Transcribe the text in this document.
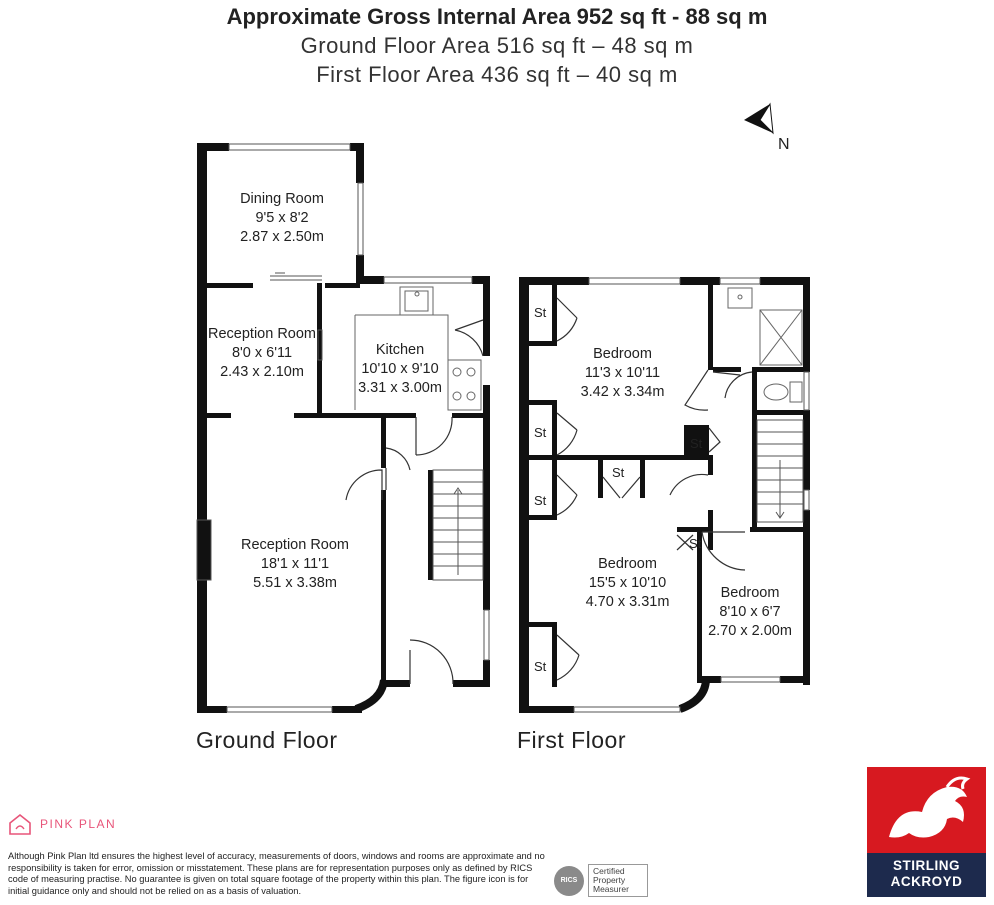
Approximate Gross Internal Area 952 sq ft - 88 sq m
Ground Floor Area 516 sq ft – 48 sq m
First Floor Area 436 sq ft – 40 sq m
N
Dining Room
9'5 x 8'2
2.87 x 2.50m
Reception Room
8'0 x 6'11
2.43 x 2.10m
Kitchen
10'10 x 9'10
3.31 x 3.00m
Reception Room
18'1 x 11'1
5.51 x 3.38m
Bedroom
11'3 x 10'11
3.42 x 3.34m
Bedroom
15'5 x 10'10
4.70 x 3.31m
Bedroom
8'10 x 6'7
2.70 x 2.00m
St
St
St
St
St
St
St
Ground Floor	First Floor
PINK PLAN
Although Pink Plan ltd ensures the highest level of accuracy, measurements of doors, windows and rooms are approximate and no responsibility is taken for error, omission or misstatement. These plans are for representation purposes only as defined by RICS code of measuring practise. No guarantee is given on total square footage of the property within this plan. The figure icon is for initial guidance only and should not be relied on as a basis of valuation.
RICS
Certified Property Measurer
STIRLING
ACKROYD
